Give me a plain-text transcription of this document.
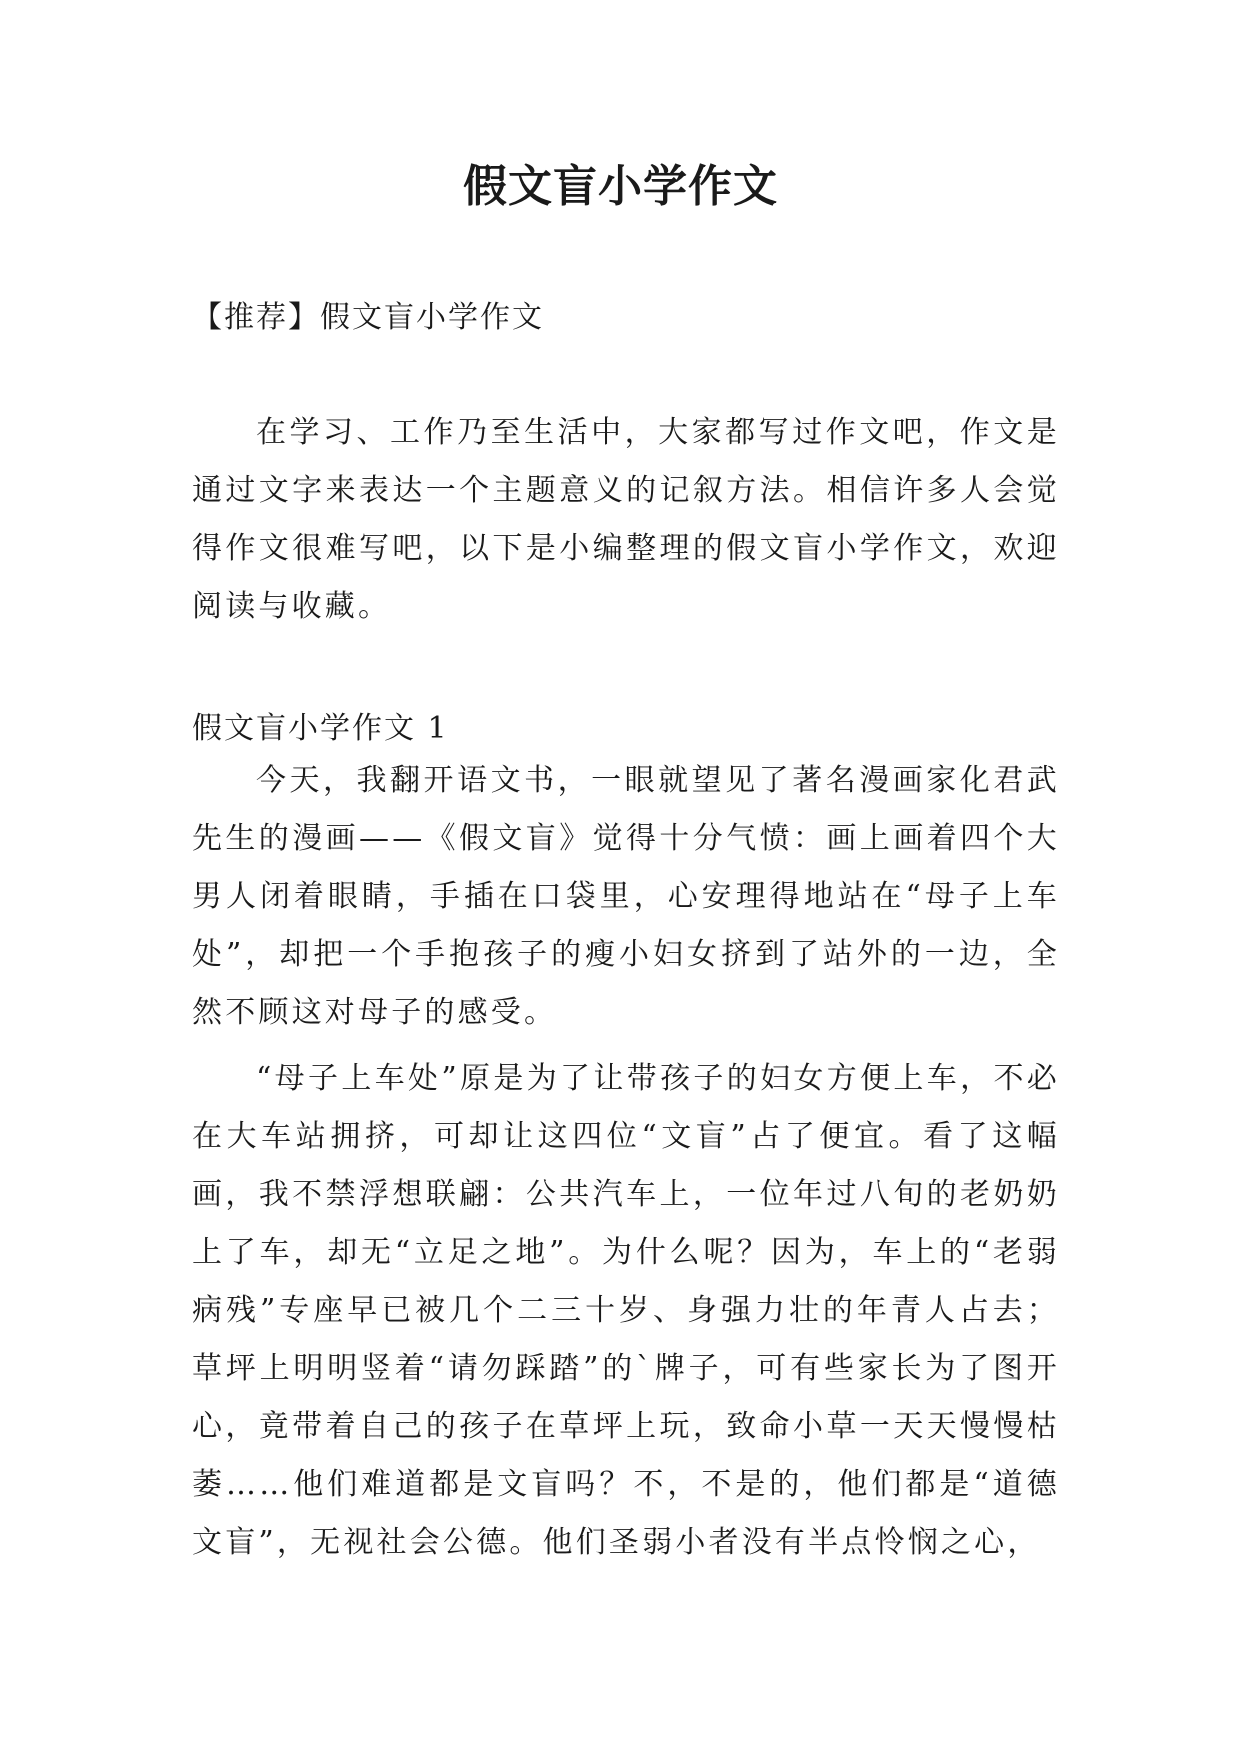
假文盲小学作文

【推荐】假文盲小学作文

在学习、工作乃至生活中，大家都写过作文吧，作文是通过文字来表达一个主题意义的记叙方法。相信许多人会觉得作文很难写吧，以下是小编整理的假文盲小学作文，欢迎阅读与收藏。

假文盲小学作文 1

今天，我翻开语文书，一眼就望见了著名漫画家化君武先生的漫画——《假文盲》觉得十分气愤：画上画着四个大男人闭着眼睛，手插在口袋里，心安理得地站在“母子上车处”，却把一个手抱孩子的瘦小妇女挤到了站外的一边，全然不顾这对母子的感受。

“母子上车处”原是为了让带孩子的妇女方便上车，不必在大车站拥挤，可却让这四位“文盲”占了便宜。看了这幅画，我不禁浮想联翩：公共汽车上，一位年过八旬的老奶奶上了车，却无“立足之地”。为什么呢？因为，车上的“老弱病残”专座早已被几个二三十岁、身强力壮的年青人占去；草坪上明明竖着“请勿踩踏”的`牌子，可有些家长为了图开心，竟带着自己的孩子在草坪上玩，致命小草一天天慢慢枯萎……他们难道都是文盲吗？不，不是的，他们都是“道德文盲”，无视社会公德。他们圣弱小者没有半点怜悯之心，
